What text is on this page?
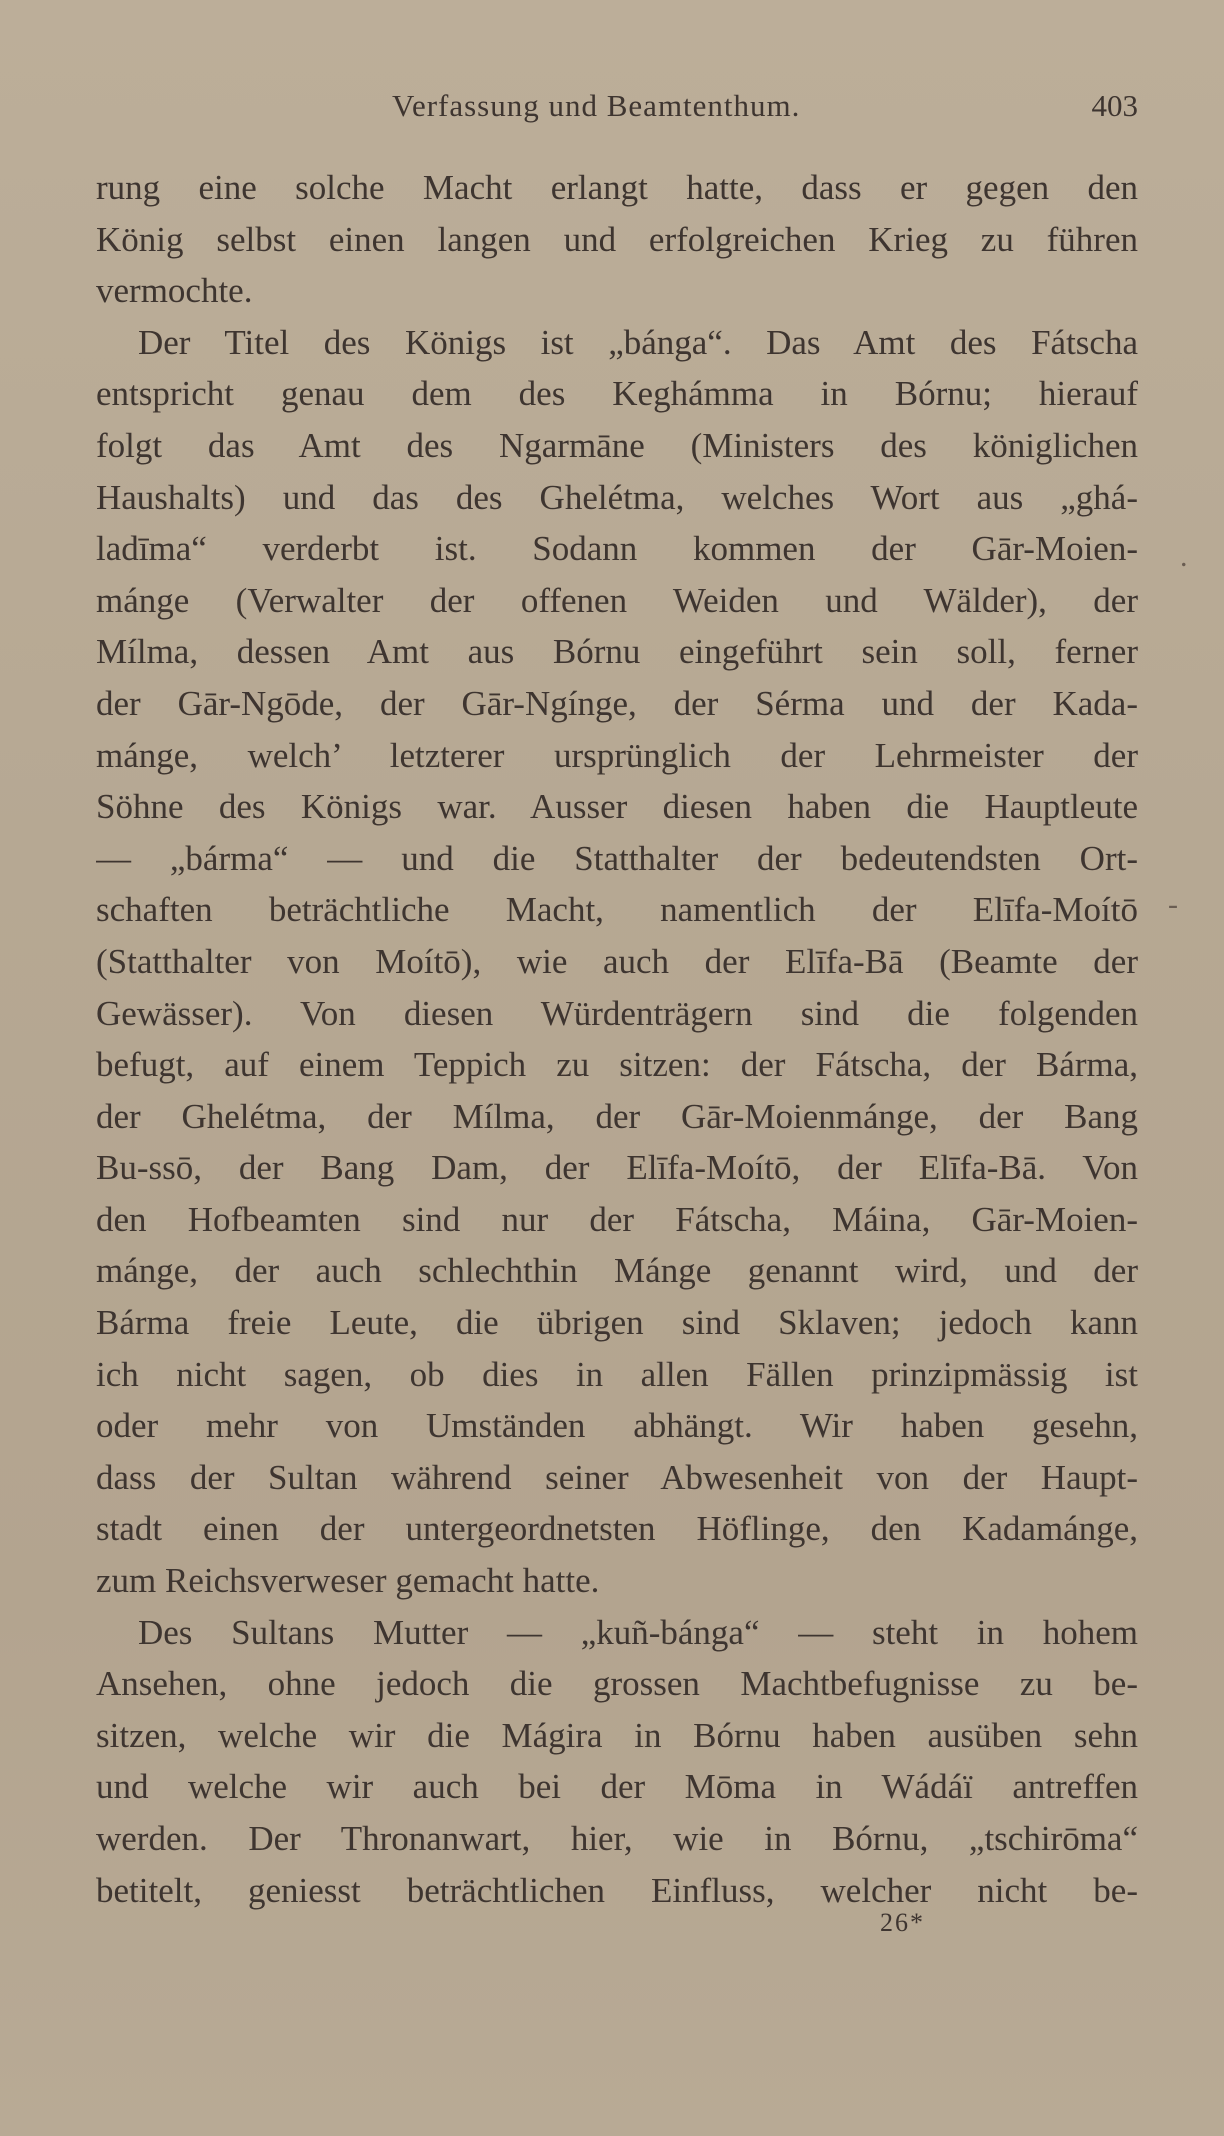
Verfassung und Beamtenthum.	403
rung eine solche Macht erlangt hatte, dass er gegen den
König selbst einen langen und erfolgreichen Krieg zu führen
vermochte.
Der Titel des Königs ist „bánga“. Das Amt des Fátscha
entspricht genau dem des Keghámma in Bórnu; hierauf
folgt das Amt des Ngarmāne (Ministers des königlichen
Haushalts) und das des Ghelétma, welches Wort aus „ghá-
ladīma“ verderbt ist. Sodann kommen der Gār-Moien-
mánge (Verwalter der offenen Weiden und Wälder), der
Mílma, dessen Amt aus Bórnu eingeführt sein soll, ferner
der Gār-Ngōde, der Gār-Ngínge, der Sérma und der Kada-
mánge, welch’ letzterer ursprünglich der Lehrmeister der
Söhne des Königs war. Ausser diesen haben die Hauptleute
— „bárma“ — und die Statthalter der bedeutendsten Ort-
schaften beträchtliche Macht, namentlich der Elīfa-Moítō
(Statthalter von Moítō), wie auch der Elīfa-Bā (Beamte der
Gewässer). Von diesen Würdenträgern sind die folgenden
befugt, auf einem Teppich zu sitzen: der Fátscha, der Bárma,
der Ghelétma, der Mílma, der Gār-Moienmánge, der Bang
Bu-ssō, der Bang Dam, der Elīfa-Moítō, der Elīfa-Bā. Von
den Hofbeamten sind nur der Fátscha, Máina, Gār-Moien-
mánge, der auch schlechthin Mánge genannt wird, und der
Bárma freie Leute, die übrigen sind Sklaven; jedoch kann
ich nicht sagen, ob dies in allen Fällen prinzipmässig ist
oder mehr von Umständen abhängt. Wir haben gesehn,
dass der Sultan während seiner Abwesenheit von der Haupt-
stadt einen der untergeordnetsten Höflinge, den Kadamánge,
zum Reichsverweser gemacht hatte.
Des Sultans Mutter — „kuñ-bánga“ — steht in hohem
Ansehen, ohne jedoch die grossen Machtbefugnisse zu be-
sitzen, welche wir die Mágira in Bórnu haben ausüben sehn
und welche wir auch bei der Mōma in Wádáï antreffen
werden. Der Thronanwart, hier, wie in Bórnu, „tschirōma“
betitelt, geniesst beträchtlichen Einfluss, welcher nicht be-
.
-
26*
